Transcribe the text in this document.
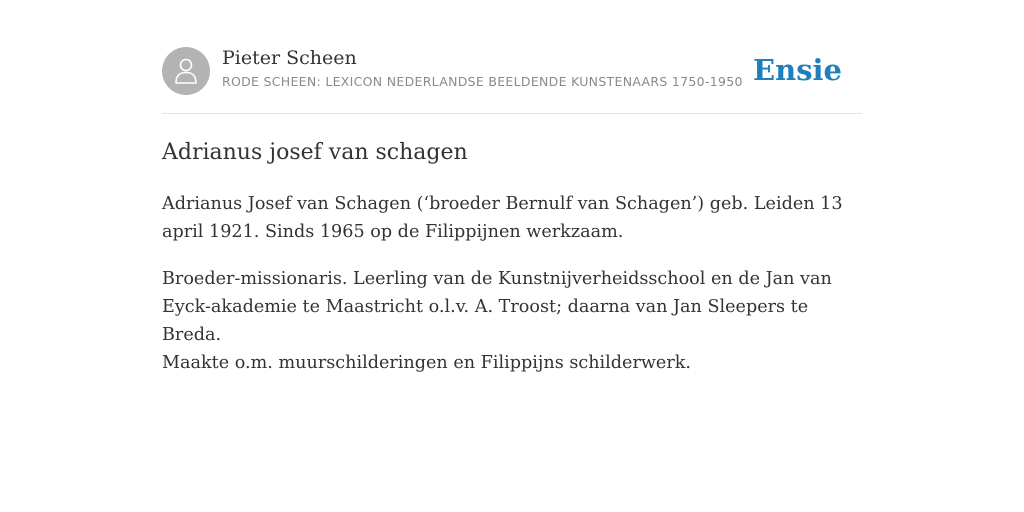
Pieter Scheen
RODE SCHEEN: LEXICON NEDERLANDSE BEELDENDE KUNSTENAARS 1750-1950 Ensie
Adrianus josef van schagen

Adrianus Josef van Schagen (‘broeder Bernulf van Schagen’) geb. Leiden 13 april 1921. Sinds 1965 op de Filippijnen werkzaam.

Broeder-missionaris. Leerling van de Kunstnijverheidsschool en de Jan van Eyck-akademie te Maastricht o.l.v. A. Troost; daarna van Jan Sleepers te Breda.

Maakte o.m. muurschilderingen en Filippijns schilderwerk.
